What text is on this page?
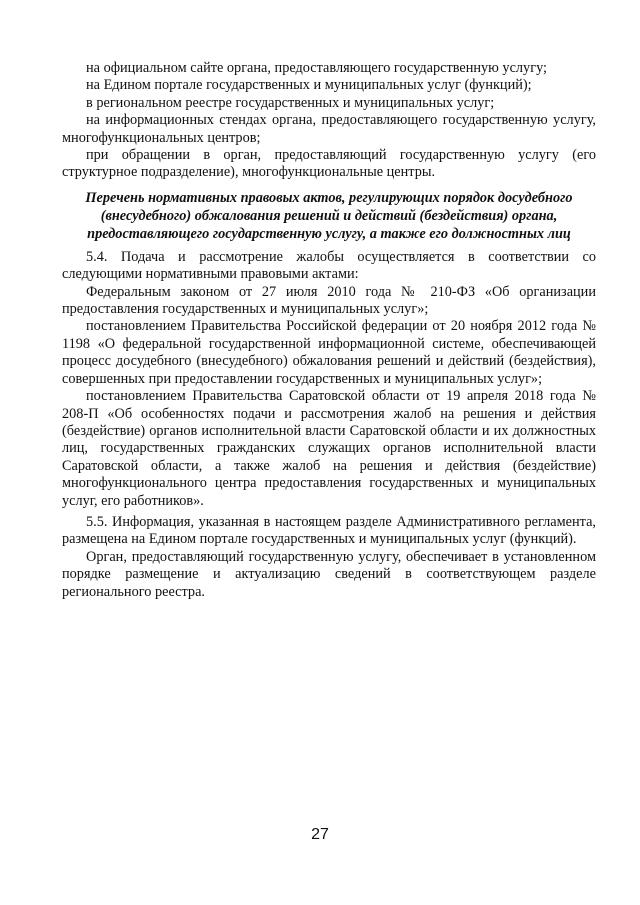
на официальном сайте органа, предоставляющего государственную услугу;

на Едином портале государственных и муниципальных услуг (функций);

в региональном реестре государственных и муниципальных услуг;

на информационных стендах органа, предоставляющего государственную услугу, многофункциональных центров;

при обращении в орган, предоставляющий государственную услугу (его структурное подразделение), многофункциональные центры.

Перечень нормативных правовых актов, регулирующих порядок досудебного (внесудебного) обжалования решений и действий (бездействия) органа, предоставляющего государственную услугу, а также его должностных лиц

5.4. Подача и рассмотрение жалобы осуществляется в соответствии со следующими нормативными правовыми актами:

Федеральным законом от 27 июля 2010 года № 210-ФЗ «Об организации предоставления государственных и муниципальных услуг»;

постановлением Правительства Российской федерации от 20 ноября 2012 года № 1198 «О федеральной государственной информационной системе, обеспечивающей процесс досудебного (внесудебного) обжалования решений и действий (бездействия), совершенных при предоставлении государственных и муниципальных услуг»;

постановлением Правительства Саратовской области от 19 апреля 2018 года № 208-П «Об особенностях подачи и рассмотрения жалоб на решения и действия (бездействие) органов исполнительной власти Саратовской области и их должностных лиц, государственных гражданских служащих органов исполнительной власти Саратовской области, а также жалоб на решения и действия (бездействие) многофункционального центра предоставления государственных и муниципальных услуг, его работников».

5.5. Информация, указанная в настоящем разделе Административного регламента, размещена на Едином портале государственных и муниципальных услуг (функций).

Орган, предоставляющий государственную услугу, обеспечивает в установленном порядке размещение и актуализацию сведений в соответствующем разделе регионального реестра.

27
